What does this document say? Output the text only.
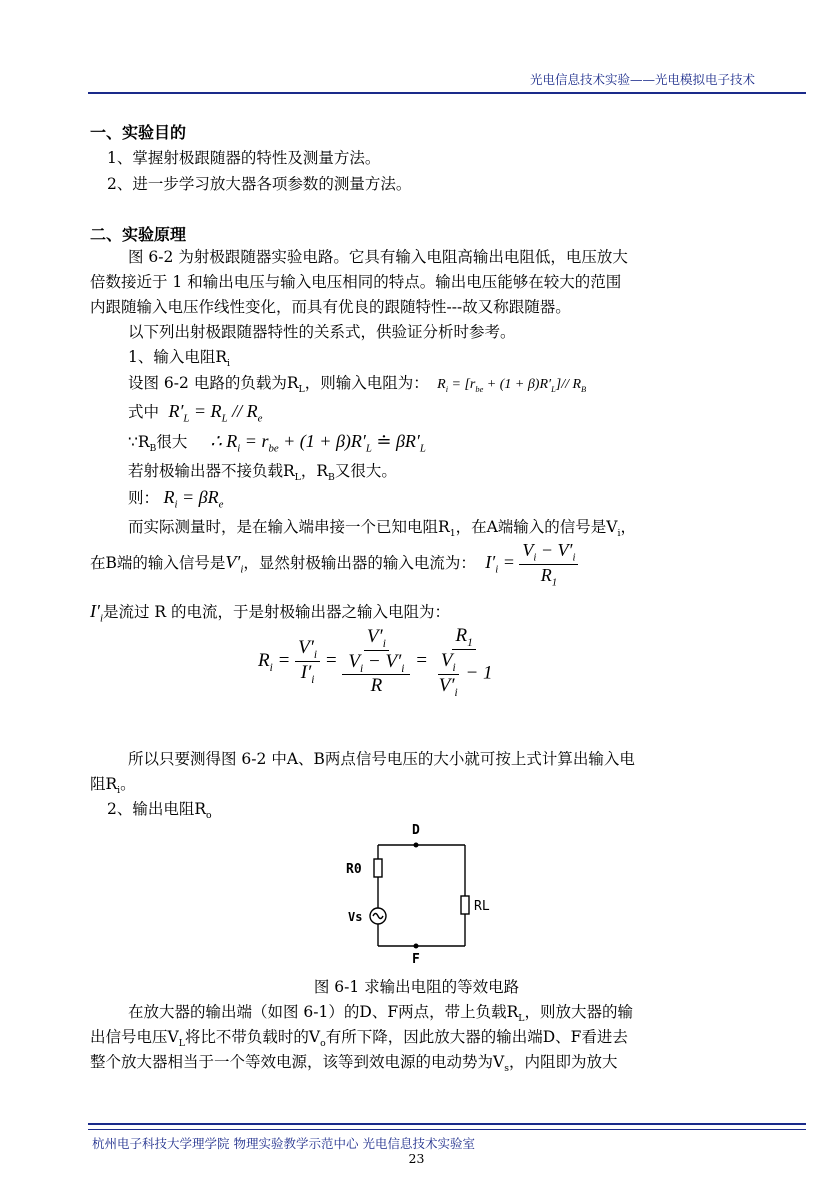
光电信息技术实验——光电模拟电子技术
一、实验目的
1、掌握射极跟随器的特性及测量方法。
2、进一步学习放大器各项参数的测量方法。
二、实验原理
图 6-2 为射极跟随器实验电路。它具有输入电阻高输出电阻低，电压放大
倍数接近于 1 和输出电压与输入电压相同的特点。输出电压能够在较大的范围
内跟随输入电压作线性变化，而具有优良的跟随特性---故又称跟随器。
以下列出射极跟随器特性的关系式，供验证分析时参考。
1、输入电阻$R_i$
设图 6-2 电路的负载为$R_L$，则输入电阻为：  $R_i = [r_{be} + (1 + \beta)R'_L]//$ $R_B$
式中  $R'_L = R_L // R_e$
$\because R_B$很大     ∴ $R_i = r_{be} + (1 + \beta)R'_L$ ≐ $\beta R'_L$
若射极输出器不接负载$R_L$，$R_B$又很大。
则： $R_i = \beta R_e$
而实际测量时，是在输入端串接一个已知电阻$R_1$，在A端输入的信号是$V_i$，
在B端的输入信号是$V'_i$，显然射极输出器的输入电流为：  $I'_i = \frac{V_i - V'_i}{R_1}$
$I'_i$是流过 R 的电流，于是射极输出器之输入电阻为：
$R_i = \frac{V'_i}{I'_i} = \frac{\frac{V'_i}{V_i - V'_i}}{R} = \frac{R_1}{\frac{V_i}{V'_i} - 1}$
所以只要测得图 6-2 中A、B两点信号电压的大小就可按上式计算出输入电
阻$R_i$。
2、输出电阻$R_o$
D
F
R0
Vs
RL
图 6-1 求输出电阻的等效电路
在放大器的输出端（如图 6-1）的D、F两点，带上负载$R_L$，则放大器的输
出信号电压$V_L$将比不带负载时的$V_o$有所下降，因此放大器的输出端D、F看进去
整个放大器相当于一个等效电源，该等到效电源的电动势为$V_s$，内阻即为放大
杭州电子科技大学理学院 物理实验教学示范中心 光电信息技术实验室
23
